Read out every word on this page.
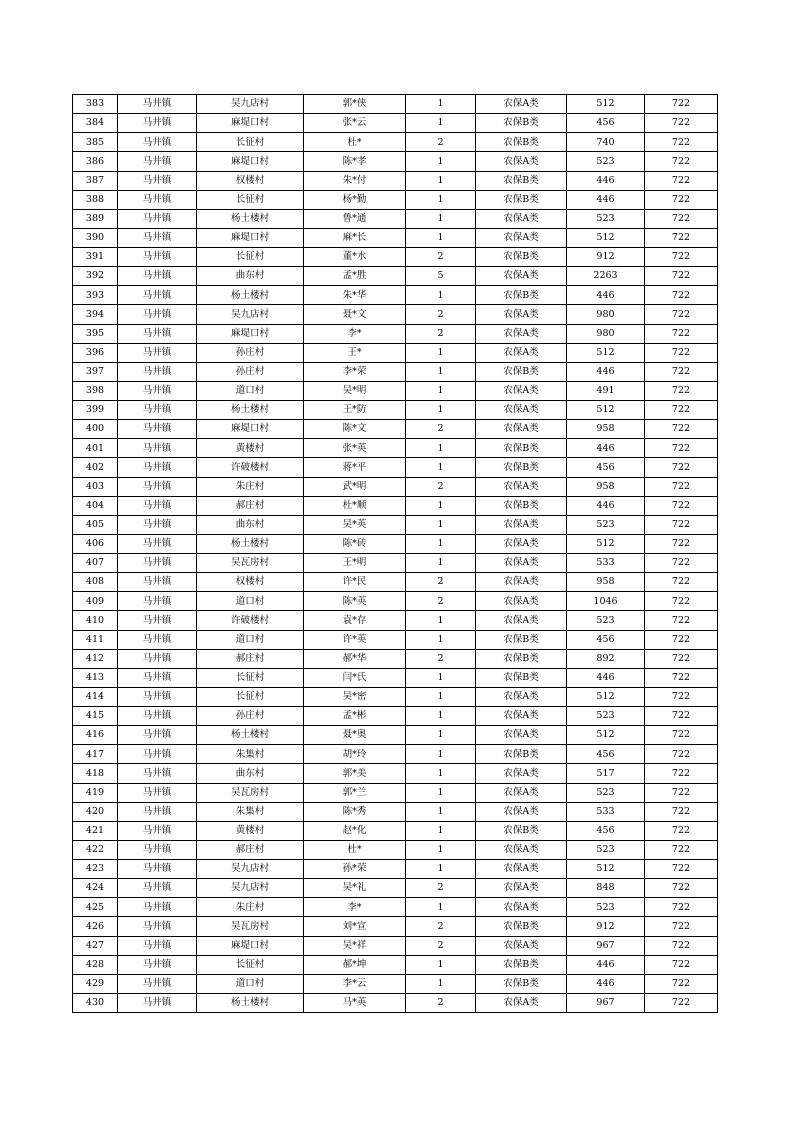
383	马井镇	吴九店村	郭*侠	1	农保A类	512	722
384	马井镇	麻堤口村	张*云	1	农保B类	456	722
385	马井镇	长征村	杜*	2	农保B类	740	722
386	马井镇	麻堤口村	陈*孝	1	农保A类	523	722
387	马井镇	权楼村	朱*付	1	农保B类	446	722
388	马井镇	长征村	杨*勤	1	农保B类	446	722
389	马井镇	杨土楼村	鲁*通	1	农保A类	523	722
390	马井镇	麻堤口村	麻*长	1	农保A类	512	722
391	马井镇	长征村	董*水	2	农保B类	912	722
392	马井镇	曲东村	孟*胜	5	农保A类	2263	722
393	马井镇	杨土楼村	朱*华	1	农保B类	446	722
394	马井镇	吴九店村	聂*文	2	农保A类	980	722
395	马井镇	麻堤口村	李*	2	农保A类	980	722
396	马井镇	孙庄村	王*	1	农保A类	512	722
397	马井镇	孙庄村	李*荣	1	农保B类	446	722
398	马井镇	道口村	吴*明	1	农保A类	491	722
399	马井镇	杨土楼村	王*防	1	农保A类	512	722
400	马井镇	麻堤口村	陈*文	2	农保A类	958	722
401	马井镇	黄楼村	张*英	1	农保B类	446	722
402	马井镇	许破楼村	蒋*平	1	农保B类	456	722
403	马井镇	朱庄村	武*明	2	农保A类	958	722
404	马井镇	郝庄村	杜*顺	1	农保B类	446	722
405	马井镇	曲东村	吴*英	1	农保A类	523	722
406	马井镇	杨土楼村	陈*砖	1	农保A类	512	722
407	马井镇	吴瓦房村	王*明	1	农保A类	533	722
408	马井镇	权楼村	许*民	2	农保A类	958	722
409	马井镇	道口村	陈*英	2	农保A类	1046	722
410	马井镇	许破楼村	袁*存	1	农保A类	523	722
411	马井镇	道口村	许*英	1	农保B类	456	722
412	马井镇	郝庄村	郝*华	2	农保B类	892	722
413	马井镇	长征村	闫*氏	1	农保B类	446	722
414	马井镇	长征村	吴*密	1	农保A类	512	722
415	马井镇	孙庄村	孟*彬	1	农保A类	523	722
416	马井镇	杨土楼村	聂*奥	1	农保A类	512	722
417	马井镇	朱集村	胡*玲	1	农保B类	456	722
418	马井镇	曲东村	郭*美	1	农保A类	517	722
419	马井镇	吴瓦房村	郭*兰	1	农保A类	523	722
420	马井镇	朱集村	陈*秀	1	农保A类	533	722
421	马井镇	黄楼村	赵*化	1	农保B类	456	722
422	马井镇	郝庄村	杜*	1	农保A类	523	722
423	马井镇	吴九店村	孙*荣	1	农保A类	512	722
424	马井镇	吴九店村	吴*礼	2	农保A类	848	722
425	马井镇	朱庄村	李*	1	农保A类	523	722
426	马井镇	吴瓦房村	刘*宣	2	农保B类	912	722
427	马井镇	麻堤口村	吴*祥	2	农保A类	967	722
428	马井镇	长征村	郝*坤	1	农保B类	446	722
429	马井镇	道口村	李*云	1	农保B类	446	722
430	马井镇	杨土楼村	马*英	2	农保A类	967	722
